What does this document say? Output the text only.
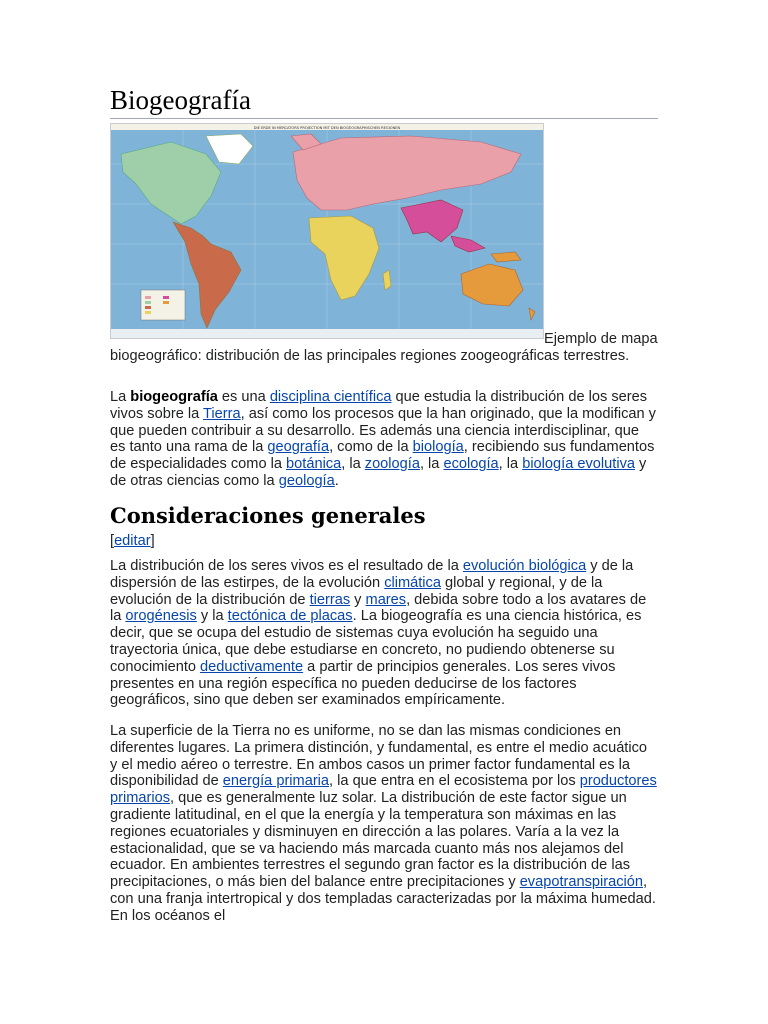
Biogeografía
DIE ERDE IN MERCATORS PROJECTION MIT DEN BIOGEOGRAPHISCHEN REGIONEN

Ejemplo de mapa biogeográfico: distribución de las principales regiones zoogeográficas terrestres.

La biogeografía es una disciplina científica que estudia la distribución de los seres vivos sobre la Tierra, así como los procesos que la han originado, que la modifican y que pueden contribuir a su desarrollo. Es además una ciencia interdisciplinar, que es tanto una rama de la geografía, como de la biología, recibiendo sus fundamentos de especialidades como la botánica, la zoología, la ecología, la biología evolutiva y de otras ciencias como la geología.

Consideraciones generales
[editar]

La distribución de los seres vivos es el resultado de la evolución biológica y de la dispersión de las estirpes, de la evolución climática global y regional, y de la evolución de la distribución de tierras y mares, debida sobre todo a los avatares de la orogénesis y la tectónica de placas. La biogeografía es una ciencia histórica, es decir, que se ocupa del estudio de sistemas cuya evolución ha seguido una trayectoria única, que debe estudiarse en concreto, no pudiendo obtenerse su conocimiento deductivamente a partir de principios generales. Los seres vivos presentes en una región específica no pueden deducirse de los factores geográficos, sino que deben ser examinados empíricamente.

La superficie de la Tierra no es uniforme, no se dan las mismas condiciones en diferentes lugares. La primera distinción, y fundamental, es entre el medio acuático y el medio aéreo o terrestre. En ambos casos un primer factor fundamental es la disponibilidad de energía primaria, la que entra en el ecosistema por los productores primarios, que es generalmente luz solar. La distribución de este factor sigue un gradiente latitudinal, en el que la energía y la temperatura son máximas en las regiones ecuatoriales y disminuyen en dirección a las polares. Varía a la vez la estacionalidad, que se va haciendo más marcada cuanto más nos alejamos del ecuador. En ambientes terrestres el segundo gran factor es la distribución de las precipitaciones, o más bien del balance entre precipitaciones y evapotranspiración, con una franja intertropical y dos templadas caracterizadas por la máxima humedad. En los océanos el
